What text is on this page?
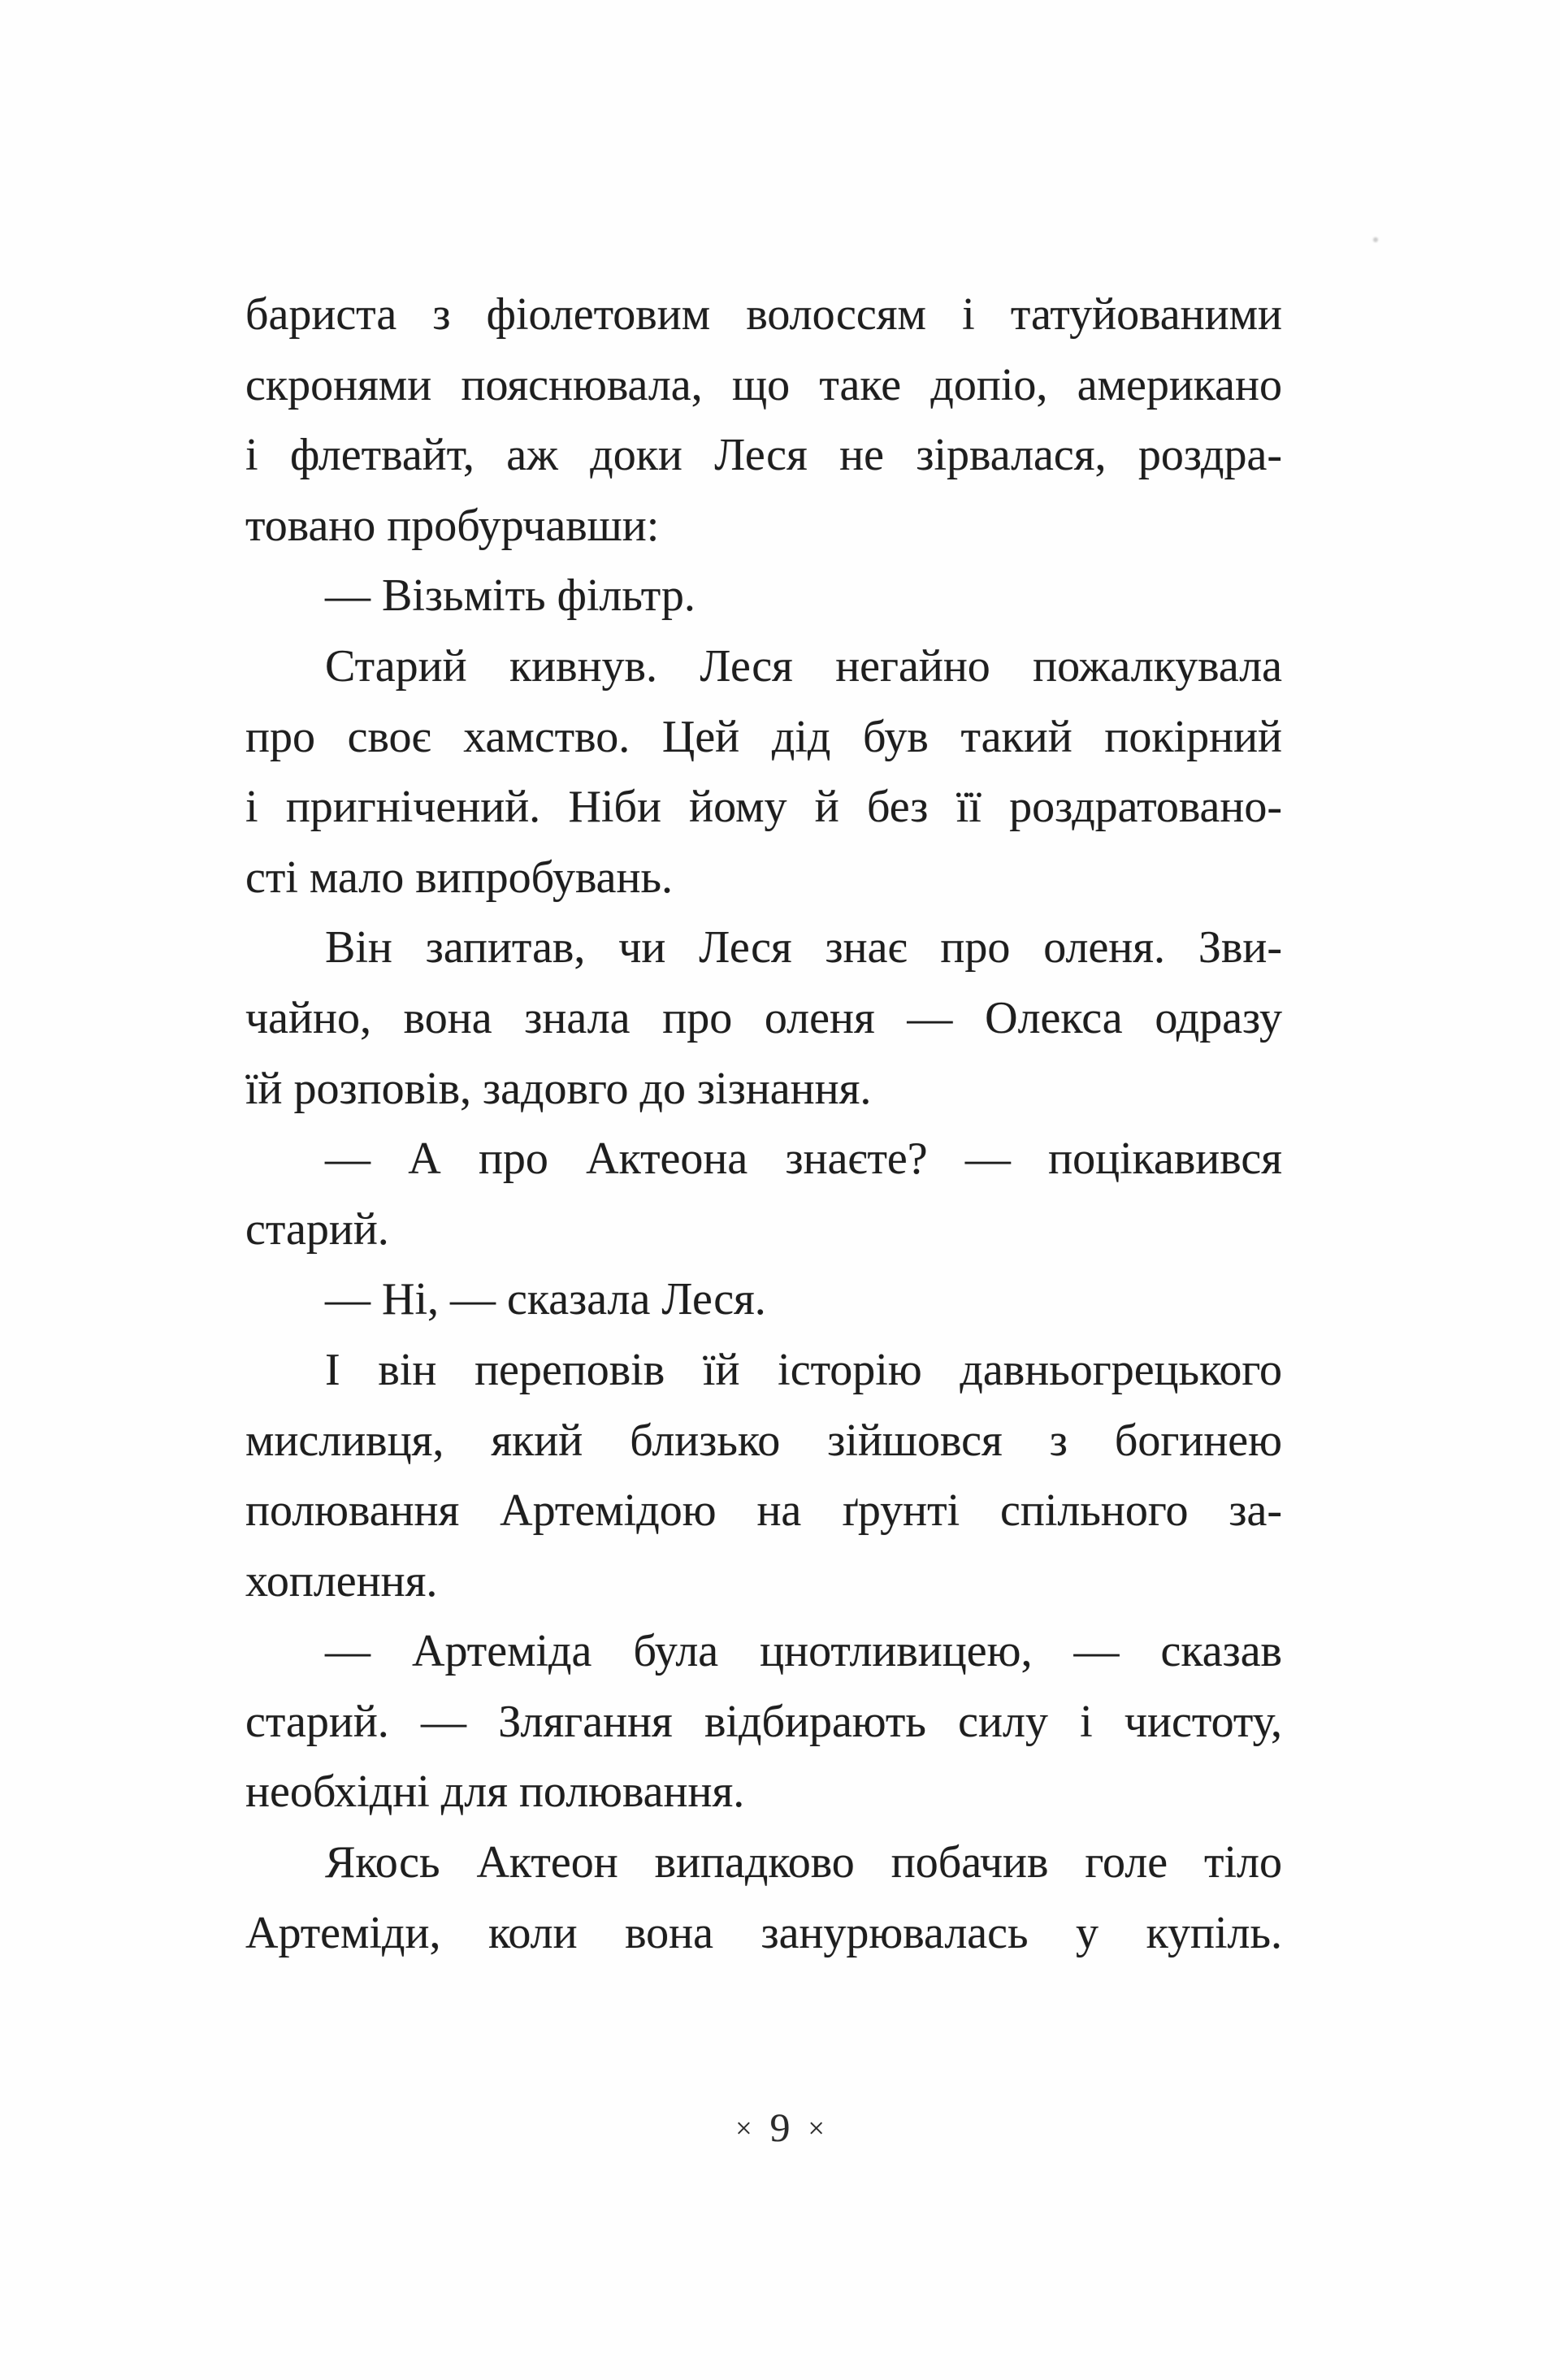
бариста з фіолетовим волоссям і татуйованими
скронями пояснювала, що таке допіо, американо
і флетвайт, аж доки Леся не зірвалася, роздра-
товано пробурчавши:
— Візьміть фільтр.
Старий кивнув. Леся негайно пожалкувала
про своє хамство. Цей дід був такий покірний
і пригнічений. Ніби йому й без її роздратовано-
сті мало випробувань.
Він запитав, чи Леся знає про оленя. Зви-
чайно, вона знала про оленя — Олекса одразу
їй розповів, задовго до зізнання.
— А про Актеона знаєте? — поцікавився
старий.
— Ні, — сказала Леся.
І він переповів їй історію давньогрецького
мисливця, який близько зійшовся з богинею
полювання Артемідою на ґрунті спільного за-
хоплення.
— Артеміда була цнотливицею, — сказав
старий. — Злягання відбирають силу і чистоту,
необхідні для полювання.
Якось Актеон випадково побачив голе тіло
Артеміди, коли вона занурювалась у купіль.
× 9 ×
